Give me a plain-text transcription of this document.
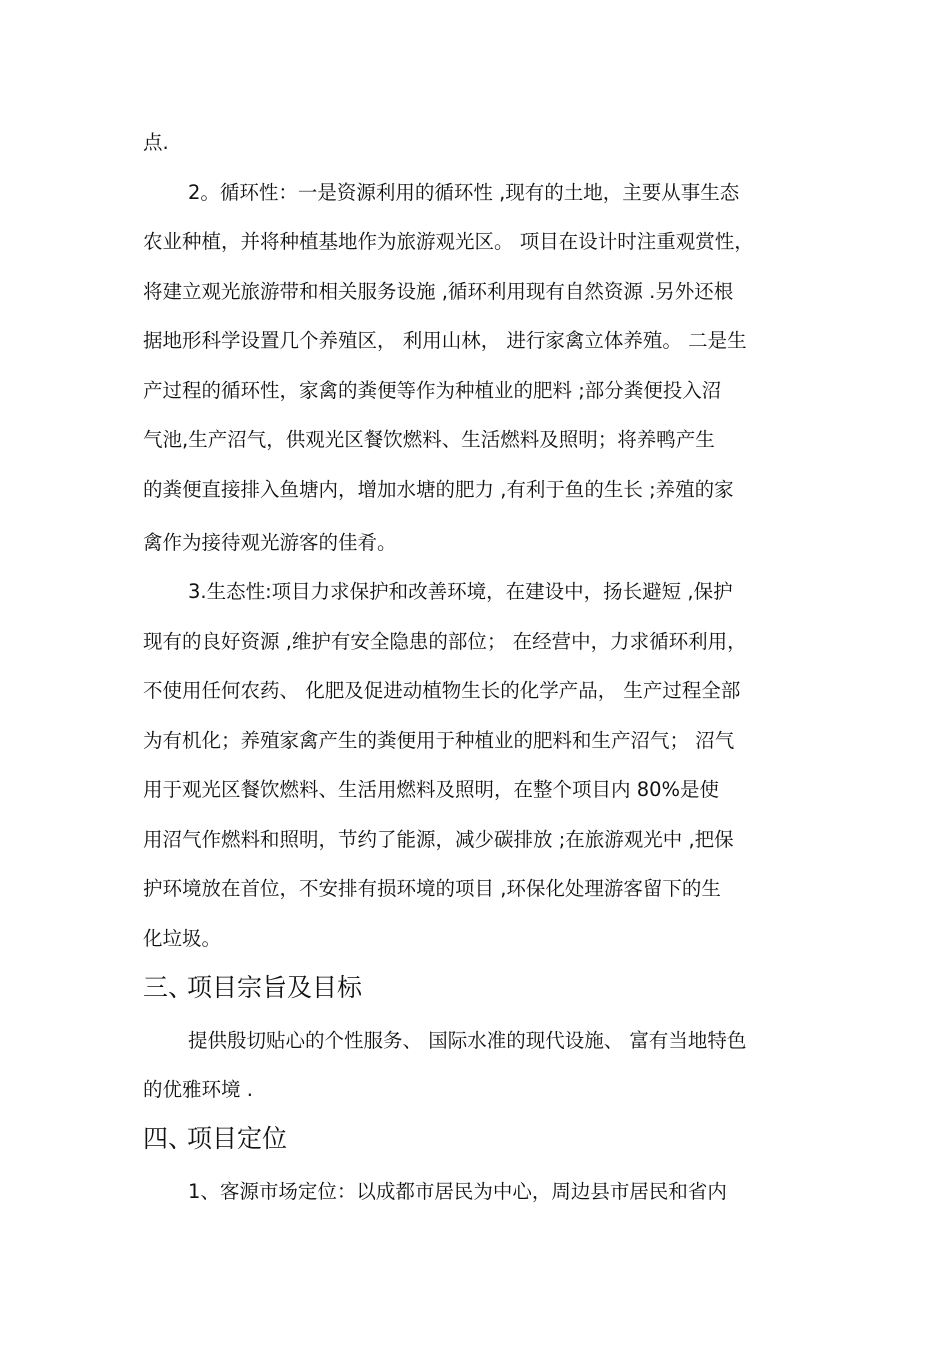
点.
2。循环性：一是资源利用的循环性 ,现有的土地，主要从事生态
农业种植，并将种植基地作为旅游观光区。 项目在设计时注重观赏性，
将建立观光旅游带和相关服务设施 ,循环利用现有自然资源 .另外还根
据地形科学设置几个养殖区， 利用山林， 进行家禽立体养殖。 二是生
产过程的循环性，家禽的粪便等作为种植业的肥料 ;部分粪便投入沼
气池,生产沼气，供观光区餐饮燃料、生活燃料及照明；将养鸭产生
的粪便直接排入鱼塘内，增加水塘的肥力 ,有利于鱼的生长 ;养殖的家
禽作为接待观光游客的佳肴。
3.生态性:项目力求保护和改善环境，在建设中，扬长避短 ,保护
现有的良好资源 ,维护有安全隐患的部位； 在经营中，力求循环利用，
不使用任何农药、 化肥及促进动植物生长的化学产品， 生产过程全部
为有机化；养殖家禽产生的粪便用于种植业的肥料和生产沼气； 沼气
用于观光区餐饮燃料、生活用燃料及照明，在整个项目内 80%是使
用沼气作燃料和照明，节约了能源，减少碳排放 ;在旅游观光中 ,把保
护环境放在首位，不安排有损环境的项目 ,环保化处理游客留下的生
化垃圾。
三、项目宗旨及目标
提供殷切贴心的个性服务、 国际水准的现代设施、 富有当地特色
的优雅环境 .
四、项目定位
1、客源市场定位：以成都市居民为中心，周边县市居民和省内
